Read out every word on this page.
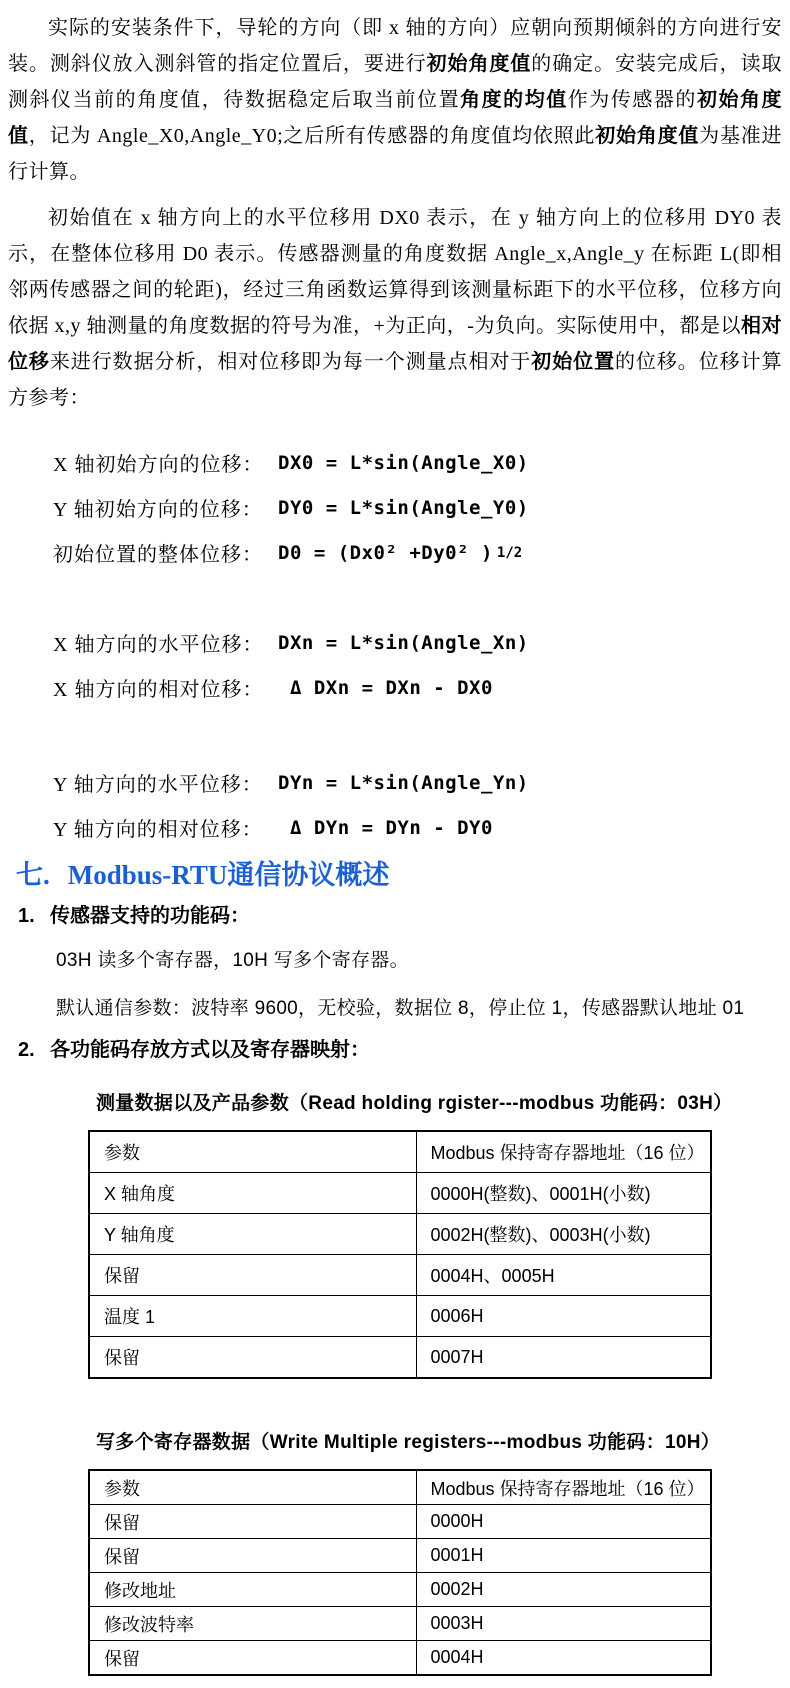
实际的安装条件下，导轮的方向（即 x 轴的方向）应朝向预期倾斜的方向进行安装。测斜仪放入测斜管的指定位置后，要进行初始角度值的确定。安装完成后，读取测斜仪当前的角度值，待数据稳定后取当前位置角度的均值作为传感器的初始角度值，记为 Angle_X0,Angle_Y0;之后所有传感器的角度值均依照此初始角度值为基准进行计算。

初始值在 x 轴方向上的水平位移用 DX0 表示，在 y 轴方向上的位移用 DY0 表示，在整体位移用 D0 表示。传感器测量的角度数据 Angle_x,Angle_y 在标距 L(即相邻两传感器之间的轮距)，经过三角函数运算得到该测量标距下的水平位移，位移方向依据 x,y 轴测量的角度数据的符号为准，+为正向，-为负向。实际使用中，都是以相对位移来进行数据分析，相对位移即为每一个测量点相对于初始位置的位移。位移计算方参考：

X 轴初始方向的位移： DX0 = L*sin(Angle_X0)
Y 轴初始方向的位移： DY0 = L*sin(Angle_Y0)
初始位置的整体位移： D0 = (Dx0² +Dy0² ) 1/2
X 轴方向的水平位移： DXn = L*sin(Angle_Xn)
X 轴方向的相对位移： Δ DXn = DXn - DX0
Y 轴方向的水平位移： DYn = L*sin(Angle_Yn)
Y 轴方向的相对位移： Δ DYn = DYn - DY0
七. Modbus-RTU通信协议概述
1. 传感器支持的功能码：

03H 读多个寄存器，10H 写多个寄存器。

默认通信参数：波特率 9600，无校验，数据位 8，停止位 1，传感器默认地址 01

2. 各功能码存放方式以及寄存器映射：
测量数据以及产品参数（Read holding rgister---modbus 功能码：03H）
参数	Modbus 保持寄存器地址（16 位）
X 轴角度	0000H(整数)、0001H(小数)
Y 轴角度	0002H(整数)、0003H(小数)
保留	0004H、0005H
温度 1	0006H
保留	0007H
写多个寄存器数据（Write Multiple registers---modbus 功能码：10H）
参数	Modbus 保持寄存器地址（16 位）
保留	0000H
保留	0001H
修改地址	0002H
修改波特率	0003H
保留	0004H
